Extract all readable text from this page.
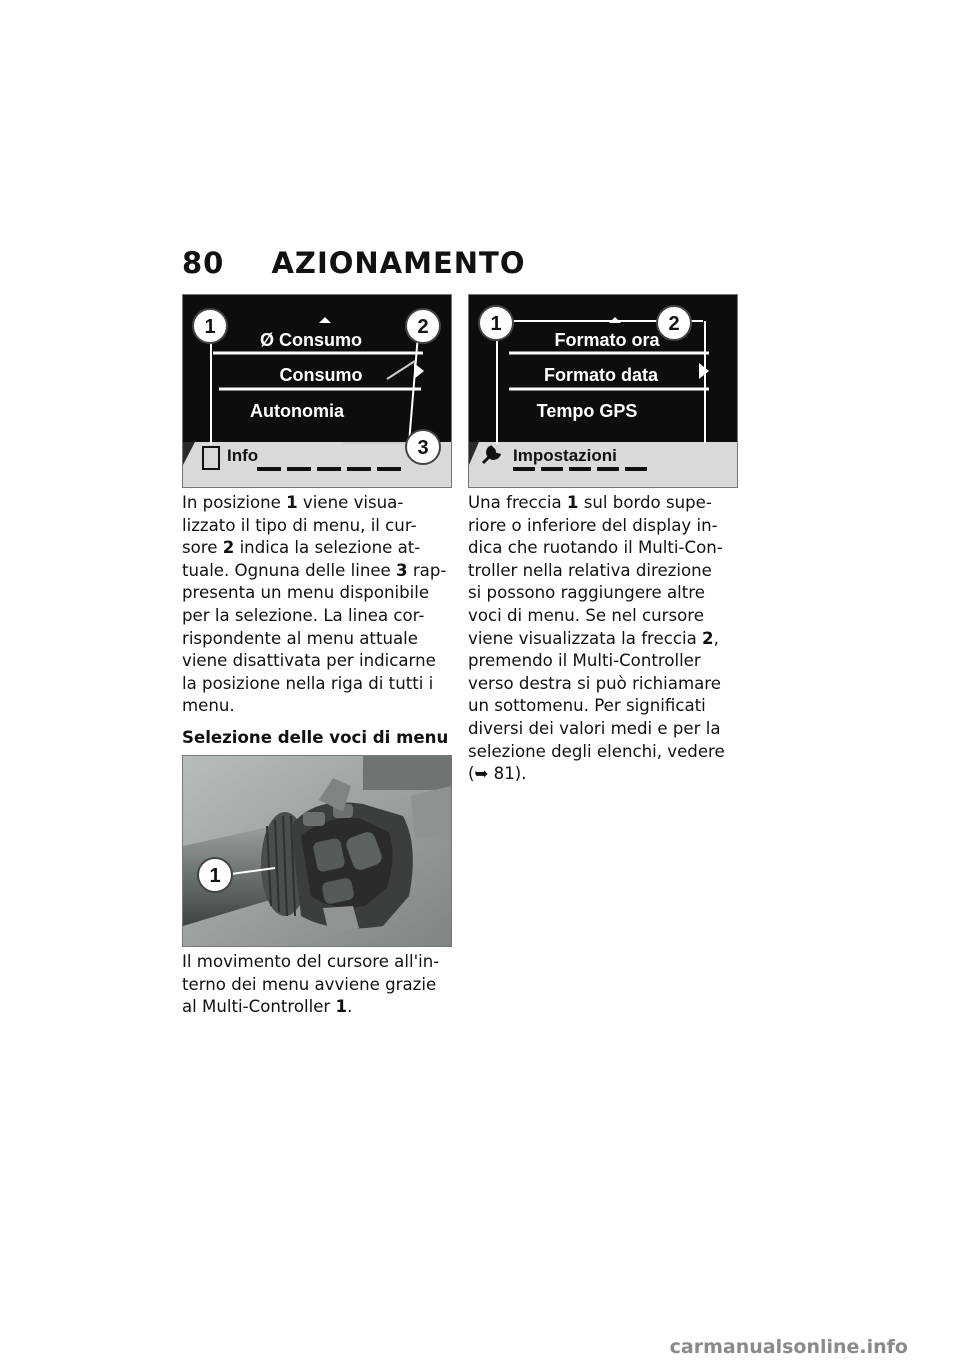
80 AZIONAMENTO
Ø Consumo
Consumo
Autonomia
Info
1	2
3
Formato ora
Formato data
Tempo GPS
Impostazioni
1	2
In posizione 1 viene visua-
lizzato il tipo di menu, il cur-
sore 2 indica la selezione at-
tuale. Ognuna delle linee 3 rap-
presenta un menu disponibile
per la selezione. La linea cor-
rispondente al menu attuale
viene disattivata per indicarne
la posizione nella riga di tutti i
menu.
Selezione delle voci di menu
1
Il movimento del cursore all'in-
terno dei menu avviene grazie
al Multi-Controller 1.
Una freccia 1 sul bordo supe-
riore o inferiore del display in-
dica che ruotando il Multi-Con-
troller nella relativa direzione
si possono raggiungere altre
voci di menu. Se nel cursore
viene visualizzata la freccia 2,
premendo il Multi-Controller
verso destra si può richiamare
un sottomenu. Per significati
diversi dei valori medi e per la
selezione degli elenchi, vedere
(➥ 81).
carmanualsonline.info
